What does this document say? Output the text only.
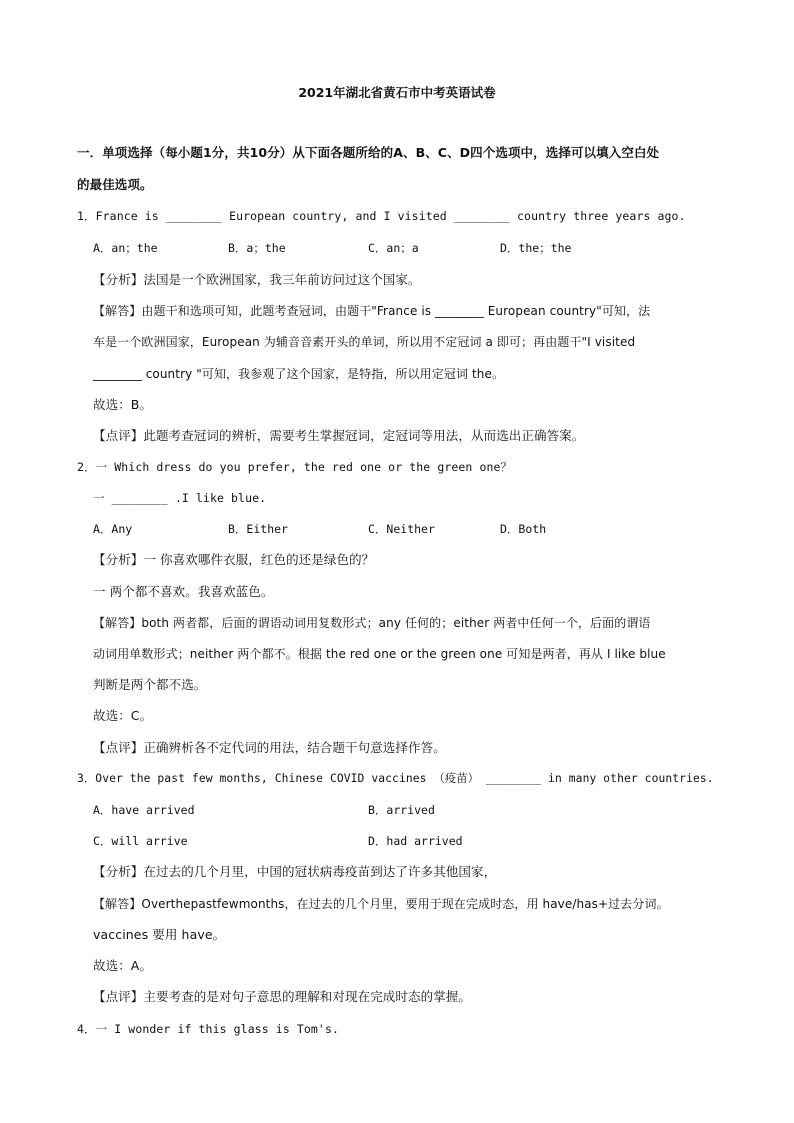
2021年湖北省黄石市中考英语试卷
一．单项选择（每小题1分，共10分）从下面各题所给的A、B、C、D四个选项中，选择可以填入空白处
的最佳选项。
1．France is ________ European country, and I visited ________ country three years ago.
A．an；the	B．a；the	C．an；a	D．the；the
【分析】法国是一个欧洲国家，我三年前访问过这个国家。
【解答】由题干和选项可知，此题考查冠词，由题干"France is ________ European country"可知，法
车是一个欧洲国家，European 为辅音音素开头的单词，所以用不定冠词 a 即可；再由题干"I visited
________ country "可知，我参观了这个国家，是特指，所以用定冠词 the。
故选：B。
【点评】此题考查冠词的辨析，需要考生掌握冠词，定冠词等用法，从而选出正确答案。
2．一 Which dress do you prefer, the red one or the green one？
一 ________ .I like blue.
A．Any	B．Either	C．Neither	D．Both
【分析】一 你喜欢哪件衣服，红色的还是绿色的？
一 两个都不喜欢。我喜欢蓝色。
【解答】both 两者都，后面的谓语动词用复数形式；any 任何的；either 两者中任何一个，后面的谓语
动词用单数形式；neither 两个都不。根据 the red one or the green one 可知是两者，再从 I like blue
判断是两个都不选。
故选：C。
【点评】正确辨析各不定代词的用法，结合题干句意选择作答。
3．Over the past few months, Chinese COVID vaccines （疫苗） ________ in many other countries.
A．have arrived	B．arrived
C．will arrive	D．had arrived
【分析】在过去的几个月里，中国的冠状病毒疫苗到达了许多其他国家，
【解答】Overthepastfewmonths，在过去的几个月里，要用于现在完成时态，用 have/has+过去分词。
vaccines 要用 have。
故选：A。
【点评】主要考查的是对句子意思的理解和对现在完成时态的掌握。
4．一 I wonder if this glass is Tom's.
